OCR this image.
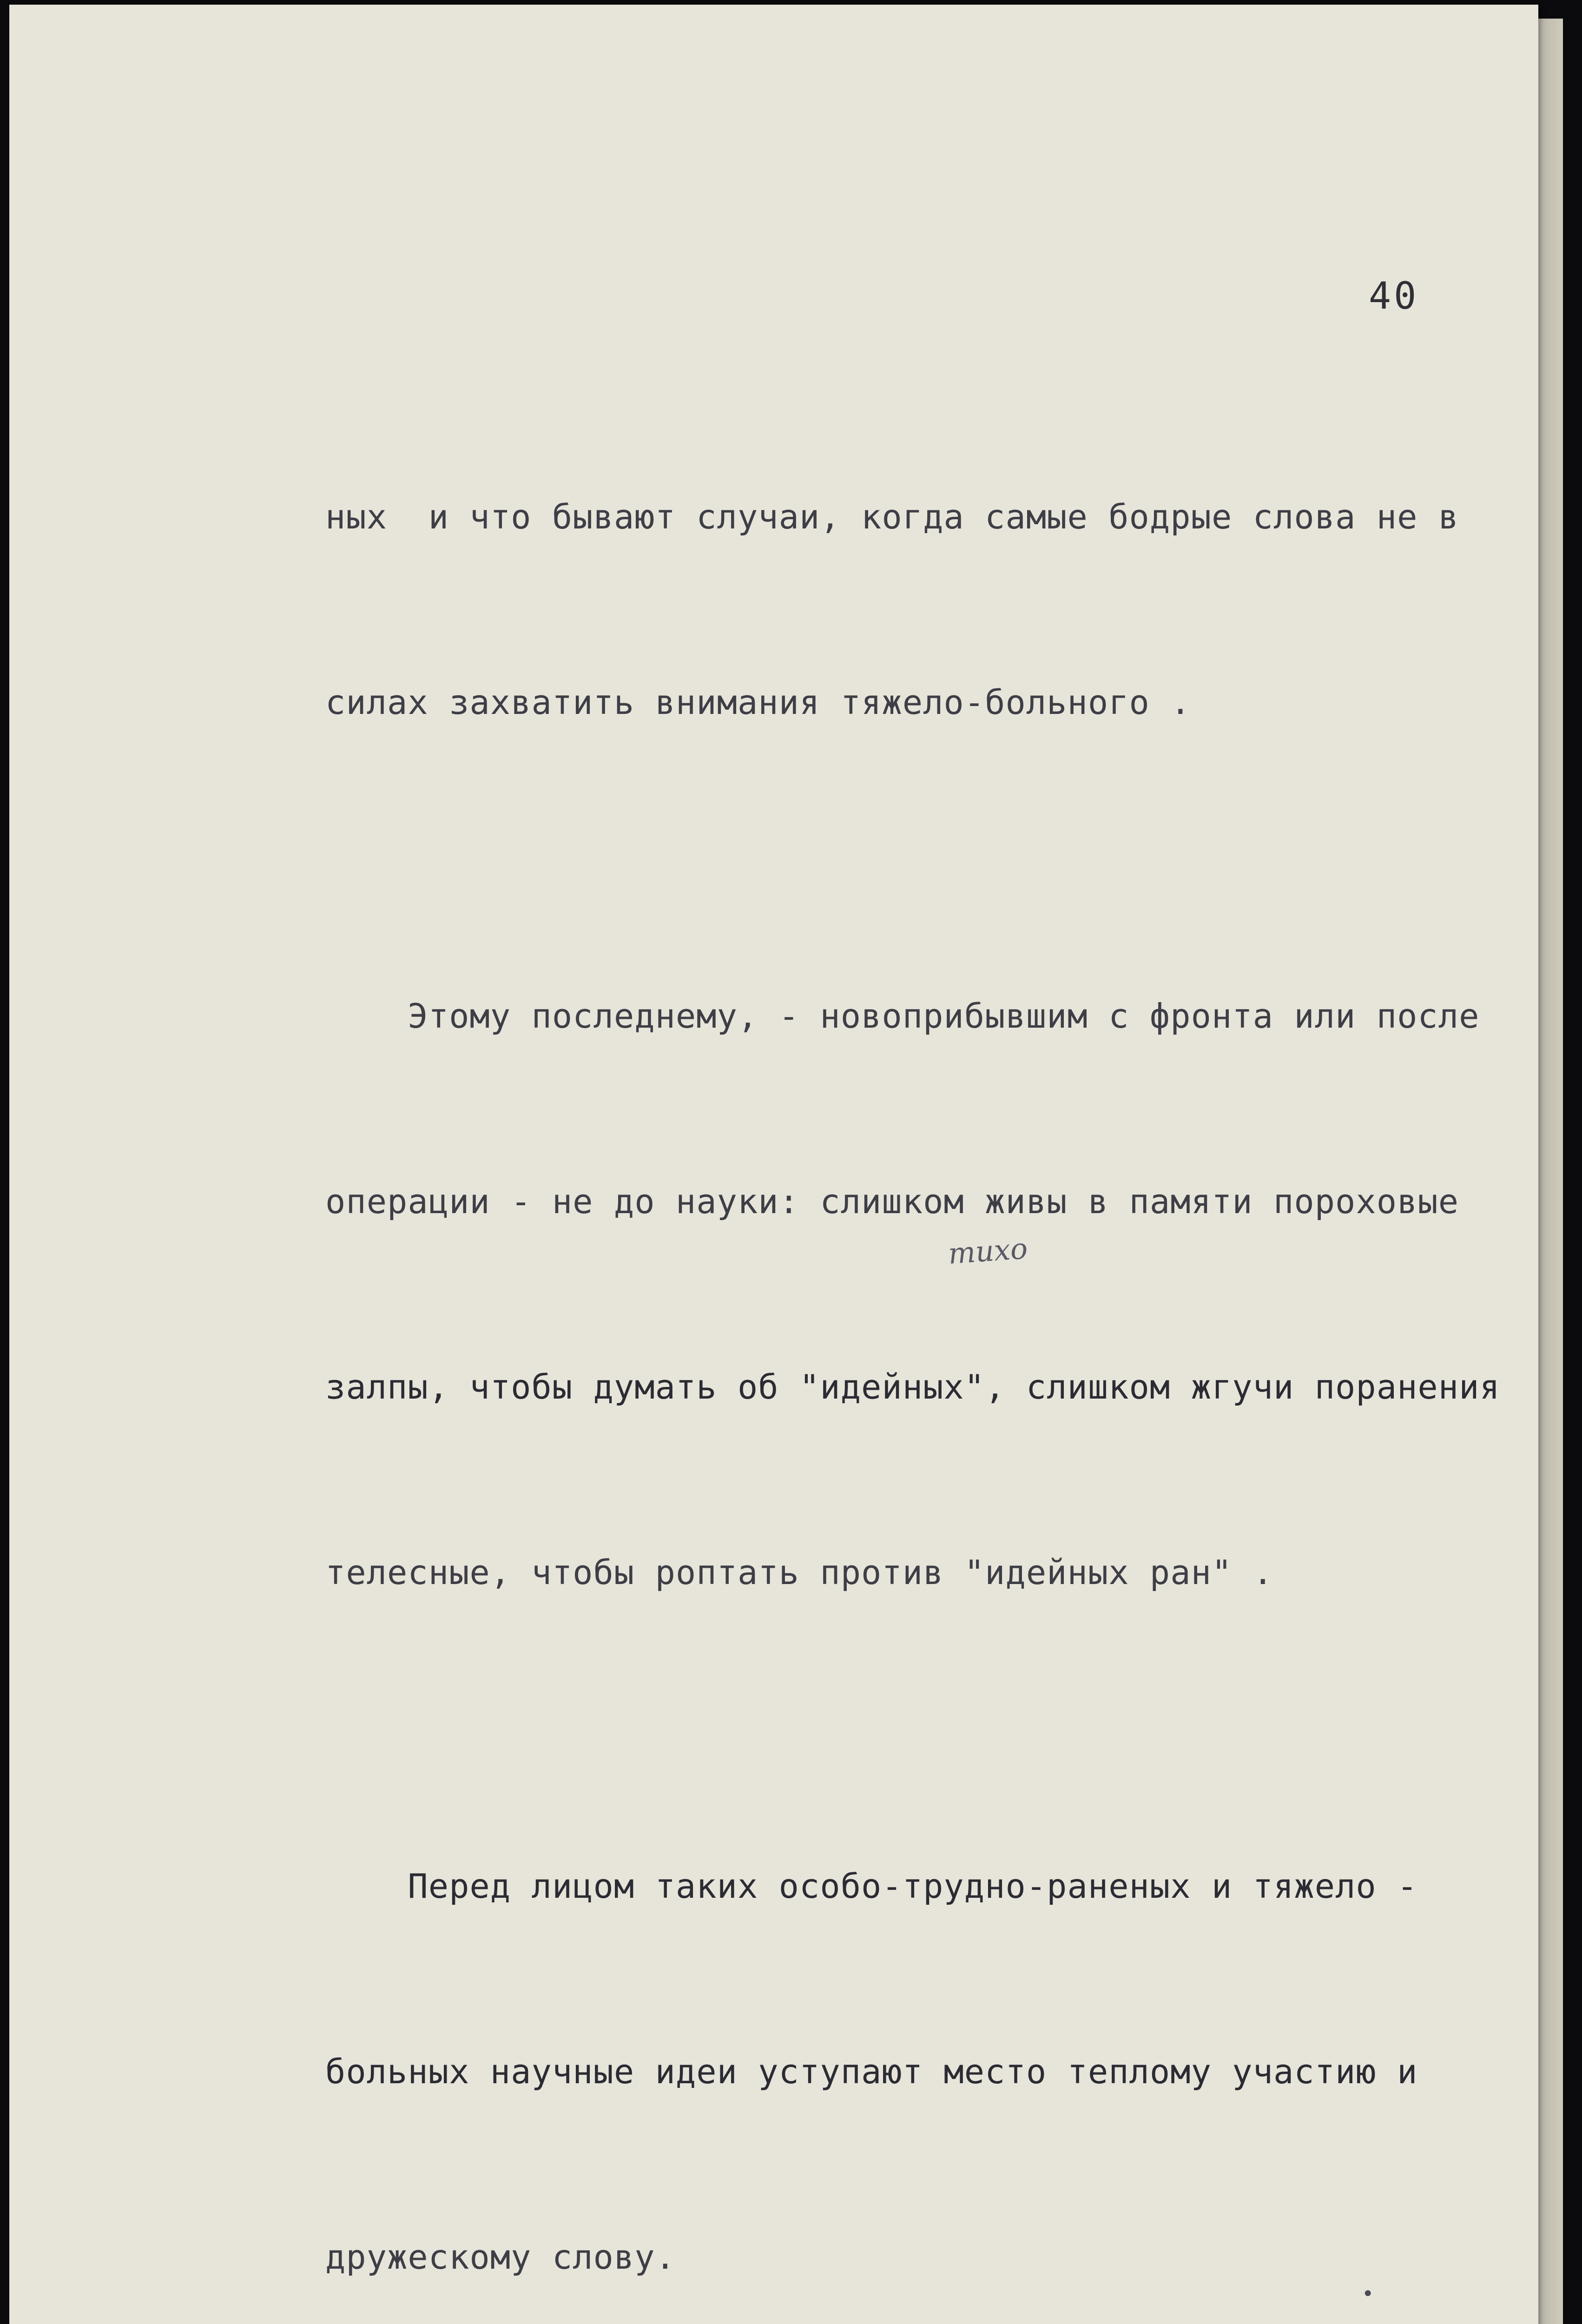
40

ных  и что бывают случаи, когда самые бодрые слова не в

силах захватить внимания тяжело-больного .

Этому последнему, - новоприбывшим с фронта или после

операции - не до науки: слишком живы в памяти пороховые

залпы, чтобы думать об "идейных", слишком жгучи поранения

телесные, чтобы роптать против "идейных ран" .

Перед лицом таких особо-трудно-раненых и тяжело -

больных научные идеи уступают место теплому участию и

дружескому слову.

тихо
•
